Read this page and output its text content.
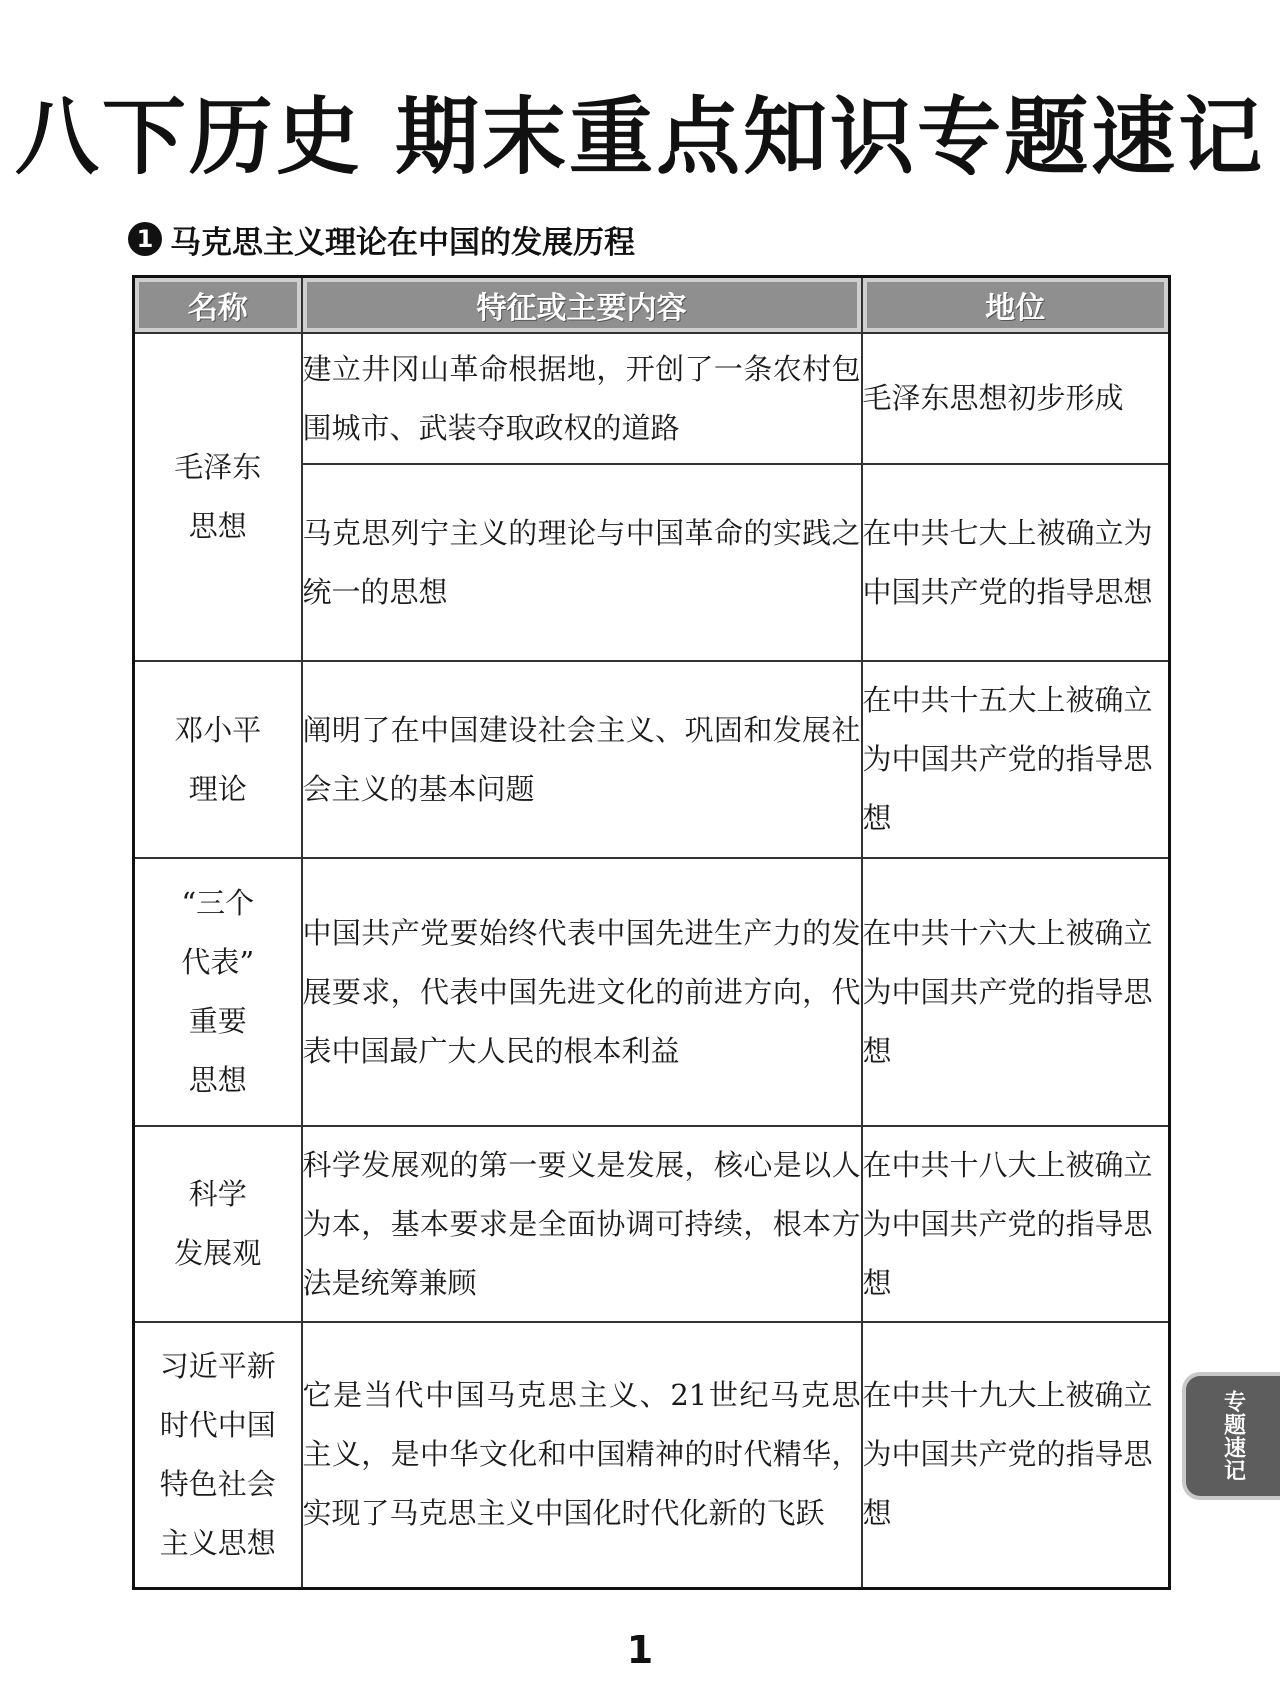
八下历史 期末重点知识专题速记
1 马克思主义理论在中国的发展历程
名称	特征或主要内容	地位

毛泽东
思想	建立井冈山革命根据地，开创了一条农村包围城市、武装夺取政权的道路	毛泽东思想初步形成
	马克思列宁主义的理论与中国革命的实践之统一的思想	在中共七大上被确立为中国共产党的指导思想

邓小平
理论	阐明了在中国建设社会主义、巩固和发展社会主义的基本问题	在中共十五大上被确立为中国共产党的指导思想

“三个
代表”
重要
思想	中国共产党要始终代表中国先进生产力的发展要求，代表中国先进文化的前进方向，代表中国最广大人民的根本利益	在中共十六大上被确立为中国共产党的指导思想

科学
发展观	科学发展观的第一要义是发展，核心是以人为本，基本要求是全面协调可持续，根本方法是统筹兼顾	在中共十八大上被确立为中国共产党的指导思想

习近平新
时代中国
特色社会
主义思想	它是当代中国马克思主义、21世纪马克思主义，是中华文化和中国精神的时代精华，实现了马克思主义中国化时代化新的飞跃	在中共十九大上被确立为中国共产党的指导思想
专题速记
1
